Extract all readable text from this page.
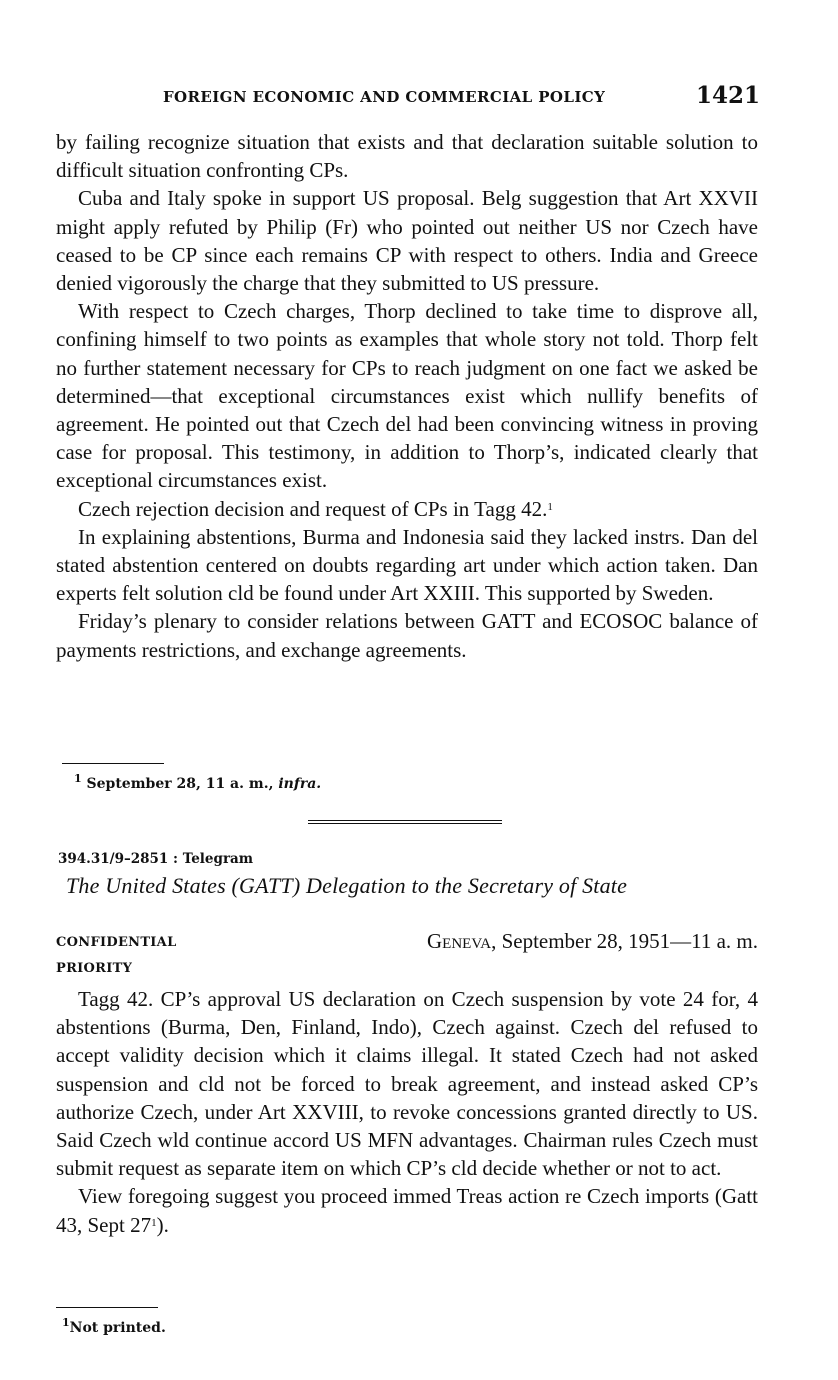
FOREIGN ECONOMIC AND COMMERCIAL POLICY	1421

by failing recognize situation that exists and that declaration suitable solution to difficult situation confronting CPs.

Cuba and Italy spoke in support US proposal. Belg suggestion that Art XXVII might apply refuted by Philip (Fr) who pointed out neither US nor Czech have ceased to be CP since each remains CP with respect to others. India and Greece denied vigorously the charge that they submitted to US pressure.

With respect to Czech charges, Thorp declined to take time to disprove all, confining himself to two points as examples that whole story not told. Thorp felt no further statement necessary for CPs to reach judgment on one fact we asked be determined—that exceptional circumstances exist which nullify benefits of agreement. He pointed out that Czech del had been convincing witness in proving case for proposal. This testimony, in addition to Thorp’s, indicated clearly that exceptional circumstances exist.

Czech rejection decision and request of CPs in Tagg 42.$^1$

In explaining abstentions, Burma and Indonesia said they lacked instrs. Dan del stated abstention centered on doubts regarding art under which action taken. Dan experts felt solution cld be found under Art XXIII. This supported by Sweden.

Friday’s plenary to consider relations between GATT and ECOSOC balance of payments restrictions, and exchange agreements.

$^1$ September 28, 11 a. m., infra.
394.31/9–2851 : Telegram
The United States (GATT) Delegation to the Secretary of State
CONFIDENTIAL	Geneva, September 28, 1951—11 a. m.
PRIORITY

Tagg 42. CP’s approval US declaration on Czech suspension by vote 24 for, 4 abstentions (Burma, Den, Finland, Indo), Czech against. Czech del refused to accept validity decision which it claims illegal. It stated Czech had not asked suspension and cld not be forced to break agreement, and instead asked CP’s authorize Czech, under Art XXVIII, to revoke concessions granted directly to US. Said Czech wld continue accord US MFN advantages. Chairman rules Czech must submit request as separate item on which CP’s cld decide whether or not to act.

View foregoing suggest you proceed immed Treas action re Czech imports (Gatt 43, Sept $27^1$).

$^1$Not printed.
